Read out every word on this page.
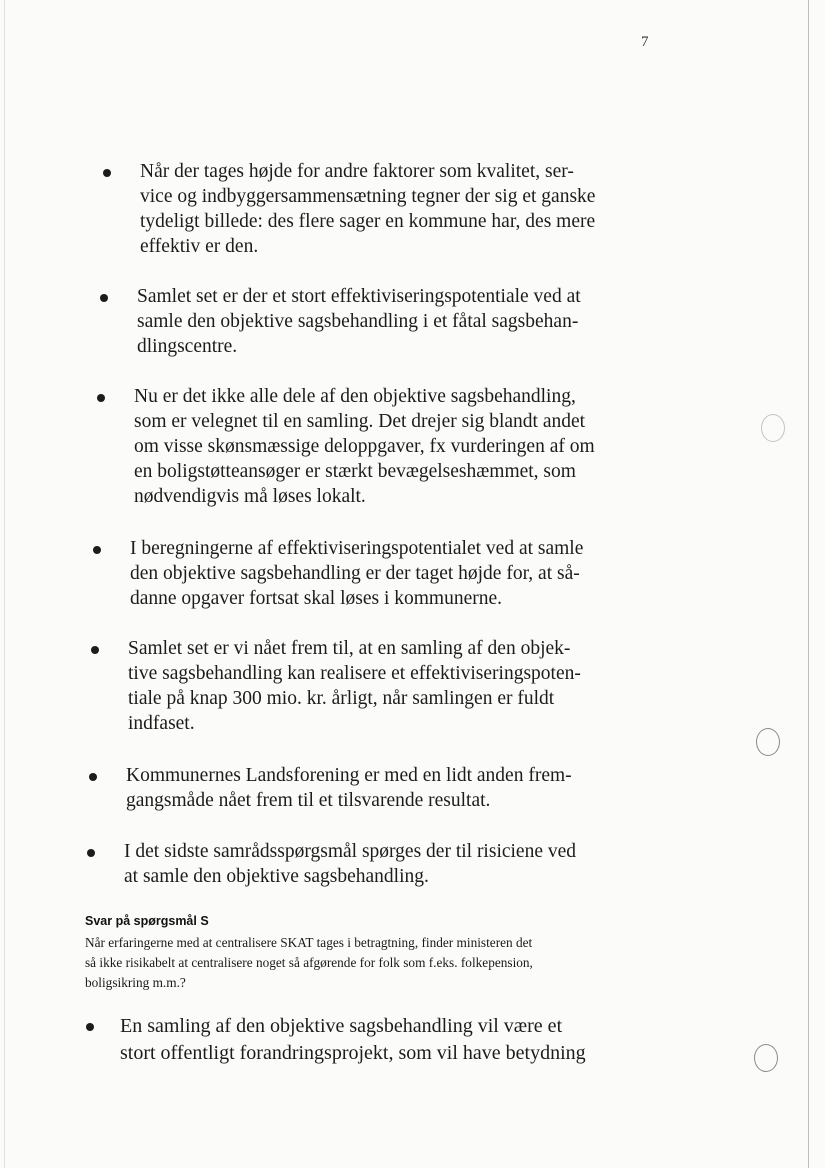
7
Når der tages højde for andre faktorer som kvalitet, ser-
vice og indbyggersammensætning tegner der sig et ganske
tydeligt billede: des flere sager en kommune har, des mere
effektiv er den.
Samlet set er der et stort effektiviseringspotentiale ved at
samle den objektive sagsbehandling i et fåtal sagsbehan-
dlingscentre.
Nu er det ikke alle dele af den objektive sagsbehandling,
som er velegnet til en samling. Det drejer sig blandt andet
om visse skønsmæssige deloppgaver, fx vurderingen af om
en boligstøtteansøger er stærkt bevægelseshæmmet, som
nødvendigvis må løses lokalt.
I beregningerne af effektiviseringspotentialet ved at samle
den objektive sagsbehandling er der taget højde for, at så-
danne opgaver fortsat skal løses i kommunerne.
Samlet set er vi nået frem til, at en samling af den objek-
tive sagsbehandling kan realisere et effektiviseringspoten-
tiale på knap 300 mio. kr. årligt, når samlingen er fuldt
indfaset.
Kommunernes Landsforening er med en lidt anden frem-
gangsmåde nået frem til et tilsvarende resultat.
I det sidste samrådsspørgsmål spørges der til risiciene ved
at samle den objektive sagsbehandling.
Svar på spørgsmål S
Når erfaringerne med at centralisere SKAT tages i betragtning, finder ministeren det
så ikke risikabelt at centralisere noget så afgørende for folk som f.eks. folkepension,
boligsikring m.m.?
En samling af den objektive sagsbehandling vil være et
stort offentligt forandringsprojekt, som vil have betydning
